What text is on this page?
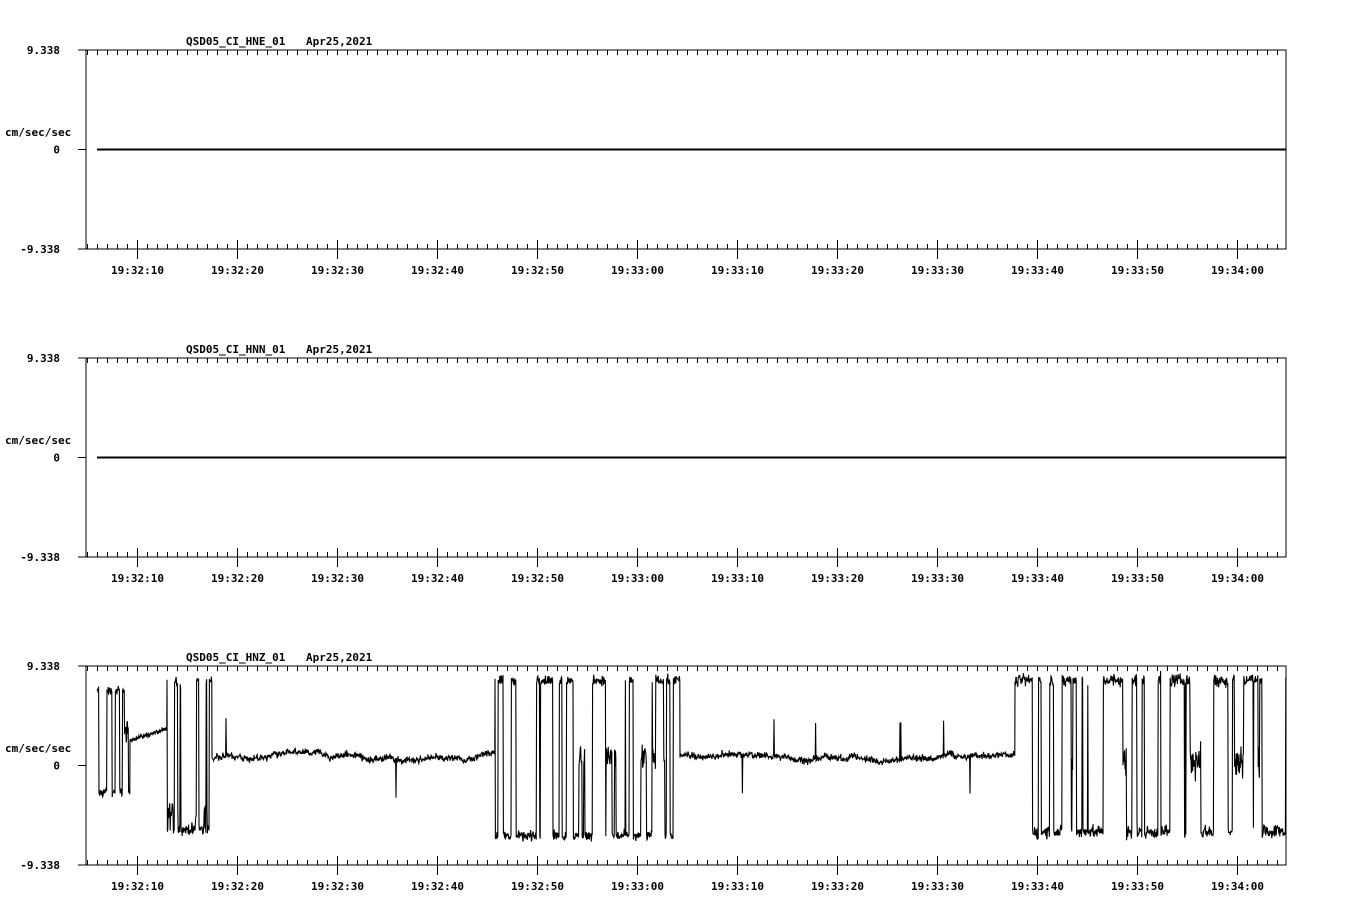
QSD05_CI_HNE_01 Apr25,2021
cm/sec/sec
9.338
0
-9.338
19:32:10	19:32:20	19:32:30	19:32:40	19:32:50	19:33:00	19:33:10	19:33:20	19:33:30	19:33:40	19:33:50	19:34:00
QSD05_CI_HNN_01 Apr25,2021
cm/sec/sec
9.338
0
-9.338
19:32:10	19:32:20	19:32:30	19:32:40	19:32:50	19:33:00	19:33:10	19:33:20	19:33:30	19:33:40	19:33:50	19:34:00
QSD05_CI_HNZ_01 Apr25,2021
cm/sec/sec
9.338
0
-9.338
19:32:10	19:32:20	19:32:30	19:32:40	19:32:50	19:33:00	19:33:10	19:33:20	19:33:30	19:33:40	19:33:50	19:34:00
